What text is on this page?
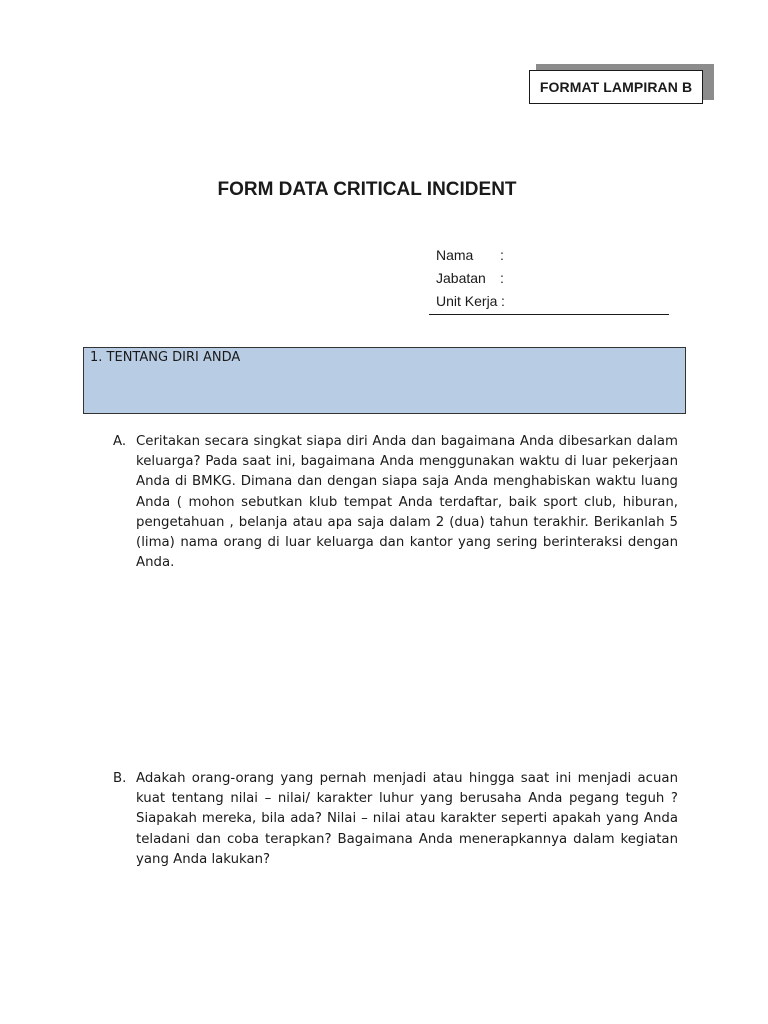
FORMAT LAMPIRAN B
FORM DATA CRITICAL INCIDENT
Nama :
Jabatan :
Unit Kerja :
1. TENTANG DIRI ANDA
A. Ceritakan secara singkat siapa diri Anda dan bagaimana Anda dibesarkan dalam keluarga? Pada saat ini, bagaimana Anda menggunakan waktu di luar pekerjaan Anda di BMKG. Dimana dan dengan siapa saja Anda menghabiskan waktu luang Anda ( mohon sebutkan klub tempat Anda terdaftar, baik sport club, hiburan, pengetahuan , belanja atau apa saja dalam 2 (dua) tahun terakhir. Berikanlah 5 (lima) nama orang di luar keluarga dan kantor yang sering berinteraksi dengan Anda.
B. Adakah orang-orang yang pernah menjadi atau hingga saat ini menjadi acuan kuat tentang nilai – nilai/ karakter luhur yang berusaha Anda pegang teguh ? Siapakah mereka, bila ada? Nilai – nilai atau karakter seperti apakah yang Anda teladani dan coba terapkan? Bagaimana Anda menerapkannya dalam kegiatan yang Anda lakukan?
